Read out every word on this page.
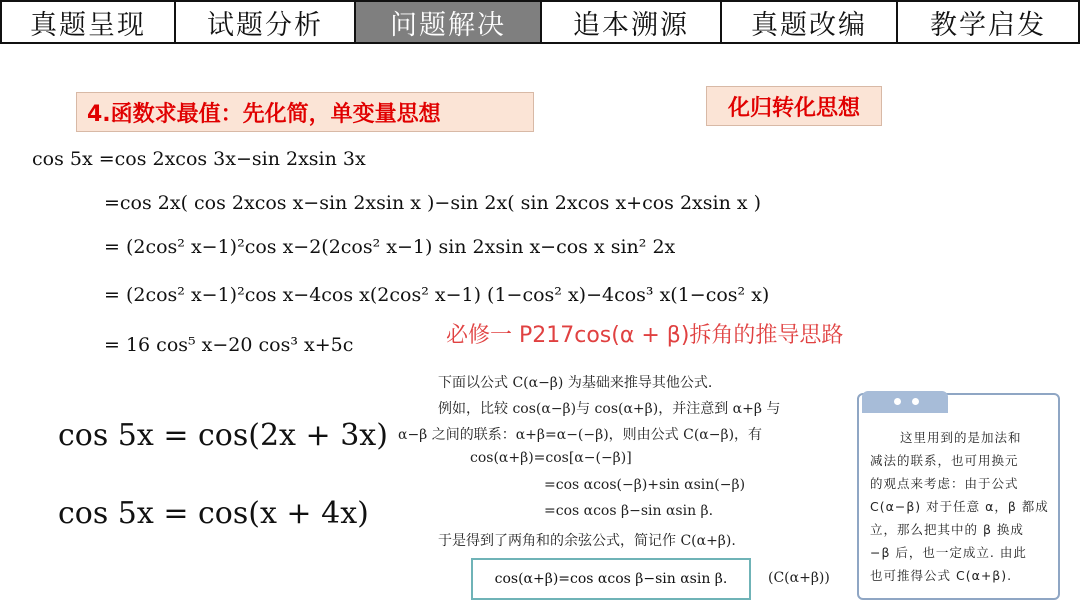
真题呈现	试题分析	问题解决	追本溯源	真题改编	教学启发
4.函数求最值：先化简，单变量思想	化归转化思想
cos 5x =cos 2xcos 3x−sin 2xsin 3x
=cos 2x( cos 2xcos x−sin 2xsin x )−sin 2x( sin 2xcos x+cos 2xsin x )
= (2cos² x−1)²cos x−2(2cos² x−1) sin 2xsin x−cos x sin² 2x
= (2cos² x−1)²cos x−4cos x(2cos² x−1) (1−cos² x)−4cos³ x(1−cos² x)
= 16 cos⁵ x−20 cos³ x+5c	必修一 P217cos(α + β)拆角的推导思路
cos 5x = cos(2x + 3x)
cos 5x = cos(x + 4x)
下面以公式 C(α−β) 为基础来推导其他公式.
例如，比较 cos(α−β)与 cos(α+β)，并注意到 α+β 与
α−β 之间的联系：α+β=α−(−β)，则由公式 C(α−β)，有
cos(α+β)=cos[α−(−β)]
=cos αcos(−β)+sin αsin(−β)
=cos αcos β−sin αsin β.
于是得到了两角和的余弦公式，简记作 C(α+β).
cos(α+β)=cos αcos β−sin αsin β.	(C(α+β))
这里用到的是加法和
减法的联系，也可用换元
的观点来考虑：由于公式
C(α−β) 对于任意 α，β 都成
立，那么把其中的 β 换成
−β 后，也一定成立. 由此
也可推得公式 C(α+β).
